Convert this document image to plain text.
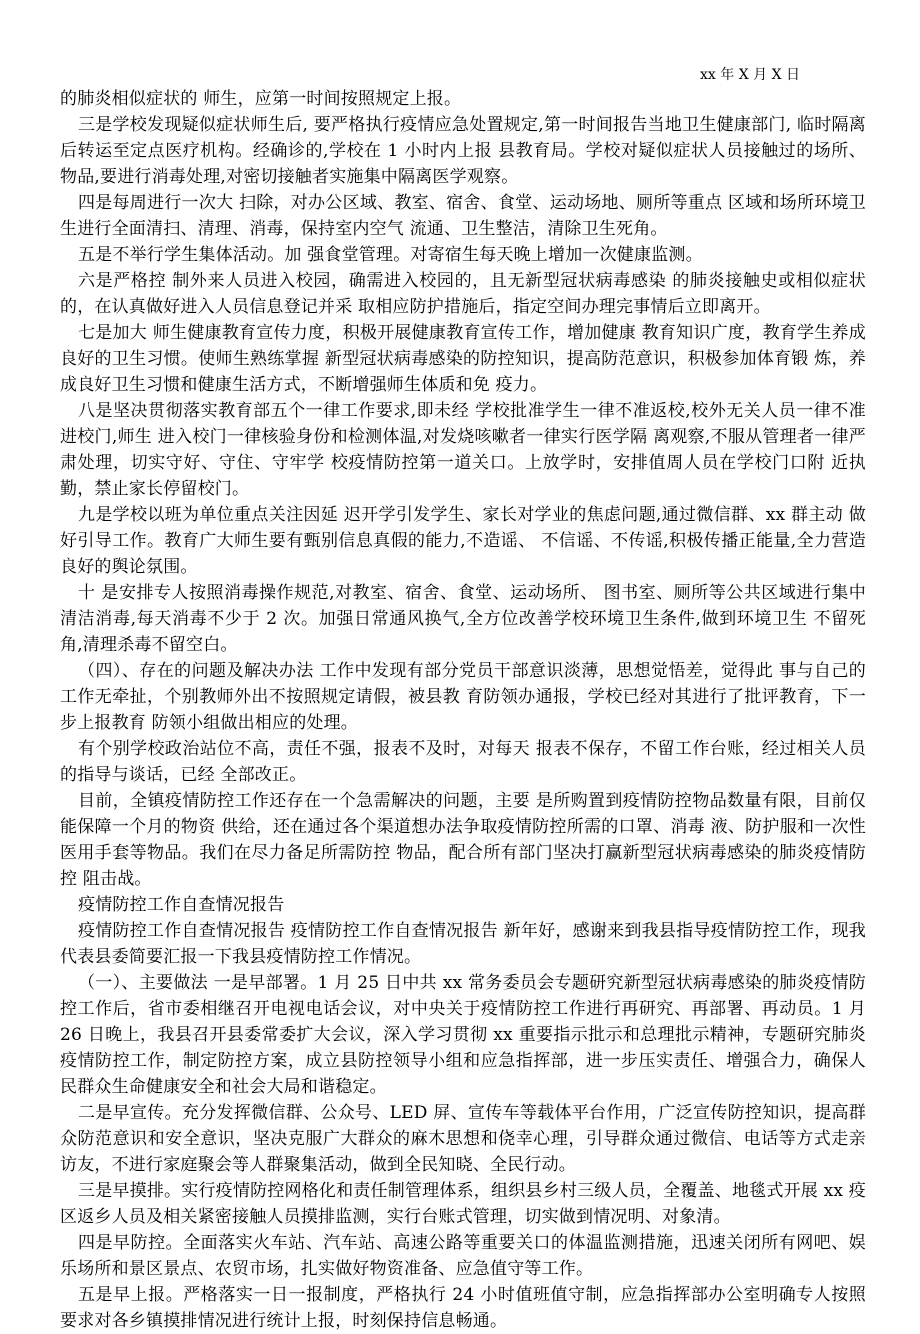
xx 年 X 月 X 日

的肺炎相似症状的 师生，应第一时间按照规定上报。

三是学校发现疑似症状师生后, 要严格执行疫情应急处置规定,第一时间报告当地卫生健康部门, 临时隔离后转运至定点医疗机构。经确诊的,学校在 1 小时内上报 县教育局。学校对疑似症状人员接触过的场所、物品,要进行消毒处理,对密切接触者实施集中隔离医学观察。

四是每周进行一次大 扫除，对办公区域、教室、宿舍、食堂、运动场地、厕所等重点 区域和场所环境卫生进行全面清扫、清理、消毒，保持室内空气 流通、卫生整洁，清除卫生死角。

五是不举行学生集体活动。加 强食堂管理。对寄宿生每天晚上增加一次健康监测。

六是严格控 制外来人员进入校园，确需进入校园的，且无新型冠状病毒感染 的肺炎接触史或相似症状的，在认真做好进入人员信息登记并采 取相应防护措施后，指定空间办理完事情后立即离开。

七是加大 师生健康教育宣传力度，积极开展健康教育宣传工作，增加健康 教育知识广度，教育学生养成良好的卫生习惯。使师生熟练掌握 新型冠状病毒感染的防控知识，提高防范意识，积极参加体育锻 炼，养成良好卫生习惯和健康生活方式，不断增强师生体质和免 疫力。

八是坚决贯彻落实教育部五个一律工作要求,即未经 学校批准学生一律不准返校,校外无关人员一律不准进校门,师生 进入校门一律核验身份和检测体温,对发烧咳嗽者一律实行医学隔 离观察,不服从管理者一律严肃处理，切实守好、守住、守牢学 校疫情防控第一道关口。上放学时，安排值周人员在学校门口附 近执勤，禁止家长停留校门。

九是学校以班为单位重点关注因延 迟开学引发学生、家长对学业的焦虑问题,通过微信群、xx 群主动 做好引导工作。教育广大师生要有甄别信息真假的能力,不造谣、 不信谣、不传谣,积极传播正能量,全力营造良好的舆论氛围。

十 是安排专人按照消毒操作规范,对教室、宿舍、食堂、运动场所、 图书室、厕所等公共区域进行集中清洁消毒,每天消毒不少于 2 次。加强日常通风换气,全方位改善学校环境卫生条件,做到环境卫生 不留死角,清理杀毒不留空白。

（四）、存在的问题及解决办法 工作中发现有部分党员干部意识淡薄，思想觉悟差，觉得此 事与自己的工作无牵扯，个别教师外出不按照规定请假，被县教 育防领办通报，学校已经对其进行了批评教育，下一步上报教育 防领小组做出相应的处理。

有个别学校政治站位不高，责任不强，报表不及时，对每天 报表不保存，不留工作台账，经过相关人员的指导与谈话，已经 全部改正。

目前，全镇疫情防控工作还存在一个急需解决的问题，主要 是所购置到疫情防控物品数量有限，目前仅能保障一个月的物资 供给，还在通过各个渠道想办法争取疫情防控所需的口罩、消毒 液、防护服和一次性医用手套等物品。我们在尽力备足所需防控 物品，配合所有部门坚决打赢新型冠状病毒感染的肺炎疫情防控 阻击战。

疫情防控工作自查情况报告

疫情防控工作自查情况报告 疫情防控工作自查情况报告 新年好，感谢来到我县指导疫情防控工作，现我代表县委简要汇报一下我县疫情防控工作情况。

（一）、主要做法 一是早部署。1 月 25 日中共 xx 常务委员会专题研究新型冠状病毒感染的肺炎疫情防控工作后，省市委相继召开电视电话会议，对中央关于疫情防控工作进行再研究、再部署、再动员。1 月 26 日晚上，我县召开县委常委扩大会议，深入学习贯彻 xx 重要指示批示和总理批示精神，专题研究肺炎疫情防控工作，制定防控方案，成立县防控领导小组和应急指挥部，进一步压实责任、增强合力，确保人民群众生命健康安全和社会大局和谐稳定。

二是早宣传。充分发挥微信群、公众号、LED 屏、宣传车等载体平台作用，广泛宣传防控知识，提高群众防范意识和安全意识，坚决克服广大群众的麻木思想和侥幸心理，引导群众通过微信、电话等方式走亲访友，不进行家庭聚会等人群聚集活动，做到全民知晓、全民行动。

三是早摸排。实行疫情防控网格化和责任制管理体系，组织县乡村三级人员，全覆盖、地毯式开展 xx 疫区返乡人员及相关紧密接触人员摸排监测，实行台账式管理，切实做到情况明、对象清。

四是早防控。全面落实火车站、汽车站、高速公路等重要关口的体温监测措施，迅速关闭所有网吧、娱乐场所和景区景点、农贸市场，扎实做好物资准备、应急值守等工作。

五是早上报。严格落实一日一报制度，严格执行 24 小时值班值守制，应急指挥部办公室明确专人按照要求对各乡镇摸排情况进行统计上报，时刻保持信息畅通。
